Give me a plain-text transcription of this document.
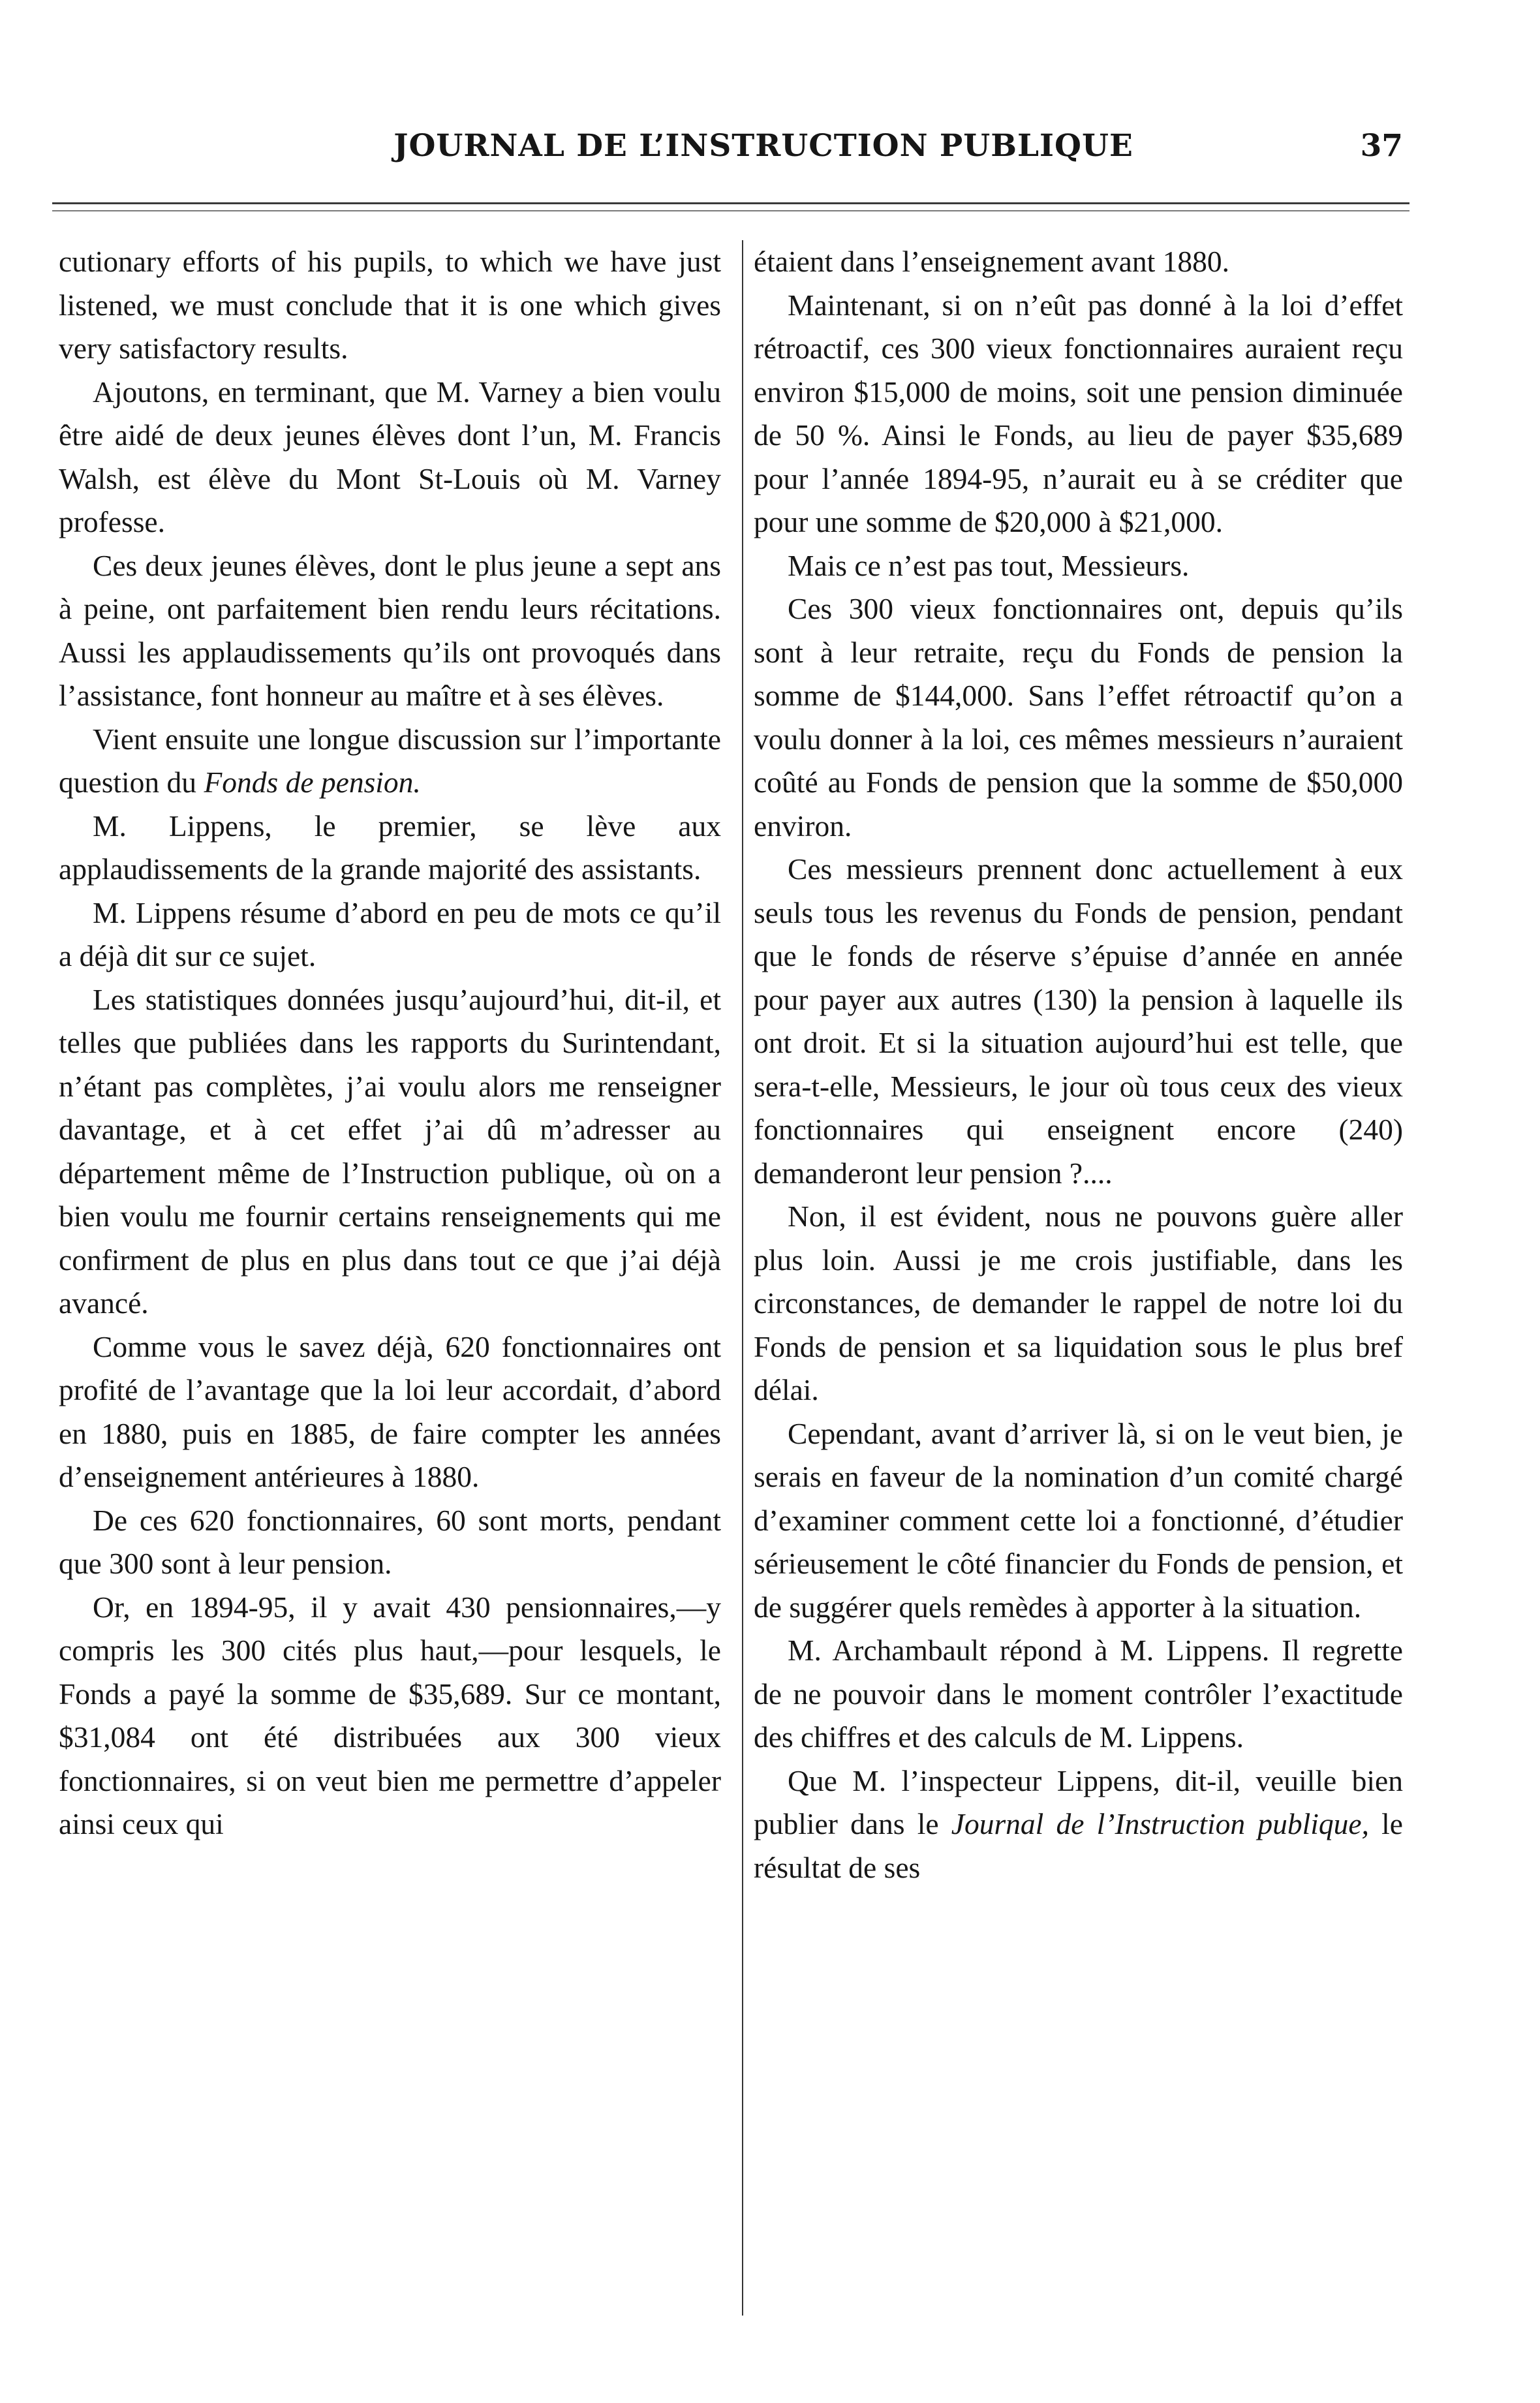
JOURNAL DE L’INSTRUCTION PUBLIQUE	37

cutionary efforts of his pupils, to which we have just listened, we must conclude that it is one which gives very satisfactory results.

Ajoutons, en terminant, que M. Varney a bien voulu être aidé de deux jeunes élèves dont l’un, M. Francis Walsh, est élève du Mont St-Louis où M. Varney professe.

Ces deux jeunes élèves, dont le plus jeune a sept ans à peine, ont parfaitement bien rendu leurs récitations. Aussi les applaudissements qu’ils ont provoqués dans l’assistance, font honneur au maître et à ses élèves.

Vient ensuite une longue discussion sur l’importante question du Fonds de pension.

M. Lippens, le premier, se lève aux applaudissements de la grande majorité des assistants.

M. Lippens résume d’abord en peu de mots ce qu’il a déjà dit sur ce sujet.

Les statistiques données jusqu’aujourd’hui, dit-il, et telles que publiées dans les rapports du Surintendant, n’étant pas complètes, j’ai voulu alors me renseigner davantage, et à cet effet j’ai dû m’adresser au département même de l’Instruction publique, où on a bien voulu me fournir certains renseignements qui me confirment de plus en plus dans tout ce que j’ai déjà avancé.

Comme vous le savez déjà, 620 fonctionnaires ont profité de l’avantage que la loi leur accordait, d’abord en 1880, puis en 1885, de faire compter les années d’enseignement antérieures à 1880.

De ces 620 fonctionnaires, 60 sont morts, pendant que 300 sont à leur pension.

Or, en 1894-95, il y avait 430 pensionnaires,—y compris les 300 cités plus haut,—pour lesquels, le Fonds a payé la somme de $35,689. Sur ce montant, $31,084 ont été distribuées aux 300 vieux fonctionnaires, si on veut bien me permettre d’appeler ainsi ceux qui

étaient dans l’enseignement avant 1880.

Maintenant, si on n’eût pas donné à la loi d’effet rétroactif, ces 300 vieux fonctionnaires auraient reçu environ $15,000 de moins, soit une pension diminuée de 50 %. Ainsi le Fonds, au lieu de payer $35,689 pour l’année 1894-95, n’aurait eu à se créditer que pour une somme de $20,000 à $21,000.

Mais ce n’est pas tout, Messieurs.

Ces 300 vieux fonctionnaires ont, depuis qu’ils sont à leur retraite, reçu du Fonds de pension la somme de $144,000. Sans l’effet rétroactif qu’on a voulu donner à la loi, ces mêmes messieurs n’auraient coûté au Fonds de pension que la somme de $50,000 environ.

Ces messieurs prennent donc actuellement à eux seuls tous les revenus du Fonds de pension, pendant que le fonds de réserve s’épuise d’année en année pour payer aux autres (130) la pension à laquelle ils ont droit. Et si la situation aujourd’hui est telle, que sera-t-elle, Messieurs, le jour où tous ceux des vieux fonctionnaires qui enseignent encore (240) demanderont leur pension ?....

Non, il est évident, nous ne pouvons guère aller plus loin. Aussi je me crois justifiable, dans les circonstances, de demander le rappel de notre loi du Fonds de pension et sa liquidation sous le plus bref délai.

Cependant, avant d’arriver là, si on le veut bien, je serais en faveur de la nomination d’un comité chargé d’examiner comment cette loi a fonctionné, d’étudier sérieusement le côté financier du Fonds de pension, et de suggérer quels remèdes à apporter à la situation.

M. Archambault répond à M. Lippens. Il regrette de ne pouvoir dans le moment contrôler l’exactitude des chiffres et des calculs de M. Lippens.

Que M. l’inspecteur Lippens, dit-il, veuille bien publier dans le Journal de l’Instruction publique, le résultat de ses
